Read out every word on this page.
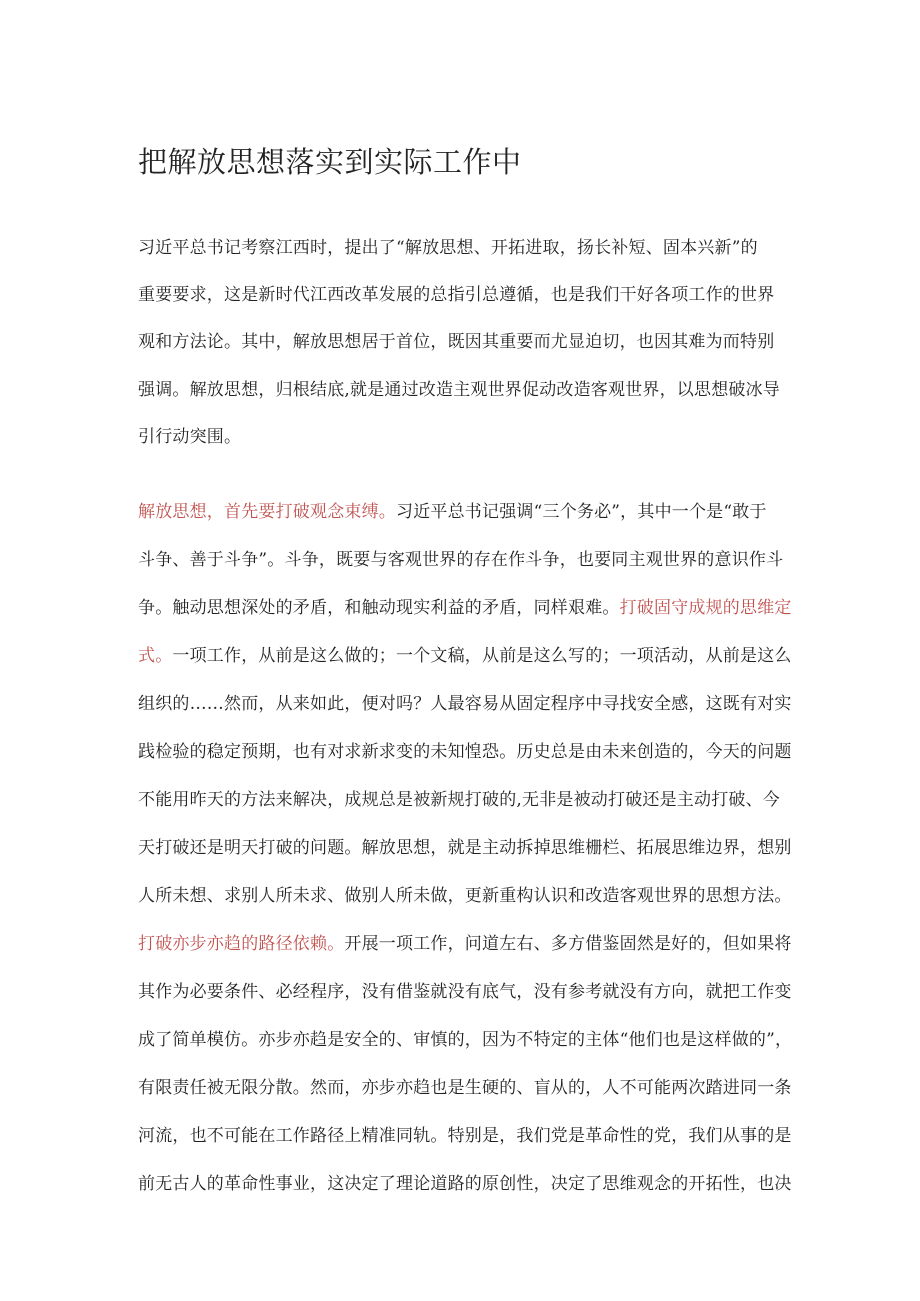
把解放思想落实到实际工作中
习近平总书记考察江西时，提出了“解放思想、开拓进取，扬长补短、固本兴新”的
重要要求，这是新时代江西改革发展的总指引总遵循，也是我们干好各项工作的世界
观和方法论。其中，解放思想居于首位，既因其重要而尤显迫切，也因其难为而特别
强调。解放思想，归根结底,就是通过改造主观世界促动改造客观世界，以思想破冰导
引行动突围。
解放思想，首先要打破观念束缚。习近平总书记强调“三个务必”，其中一个是“敢于
斗争、善于斗争”。斗争，既要与客观世界的存在作斗争，也要同主观世界的意识作斗
争。触动思想深处的矛盾，和触动现实利益的矛盾，同样艰难。打破固守成规的思维定
式。一项工作，从前是这么做的；一个文稿，从前是这么写的；一项活动，从前是这么
组织的……然而，从来如此，便对吗？人最容易从固定程序中寻找安全感，这既有对实
践检验的稳定预期，也有对求新求变的未知惶恐。历史总是由未来创造的，今天的问题
不能用昨天的方法来解决，成规总是被新规打破的,无非是被动打破还是主动打破、今
天打破还是明天打破的问题。解放思想，就是主动拆掉思维栅栏、拓展思维边界，想别
人所未想、求别人所未求、做别人所未做，更新重构认识和改造客观世界的思想方法。
打破亦步亦趋的路径依赖。开展一项工作，问道左右、多方借鉴固然是好的，但如果将
其作为必要条件、必经程序，没有借鉴就没有底气，没有参考就没有方向，就把工作变
成了简单模仿。亦步亦趋是安全的、审慎的，因为不特定的主体“他们也是这样做的”，
有限责任被无限分散。然而，亦步亦趋也是生硬的、盲从的，人不可能两次踏进同一条
河流，也不可能在工作路径上精准同轨。特别是，我们党是革命性的党，我们从事的是
前无古人的革命性事业，这决定了理论道路的原创性，决定了思维观念的开拓性，也决
